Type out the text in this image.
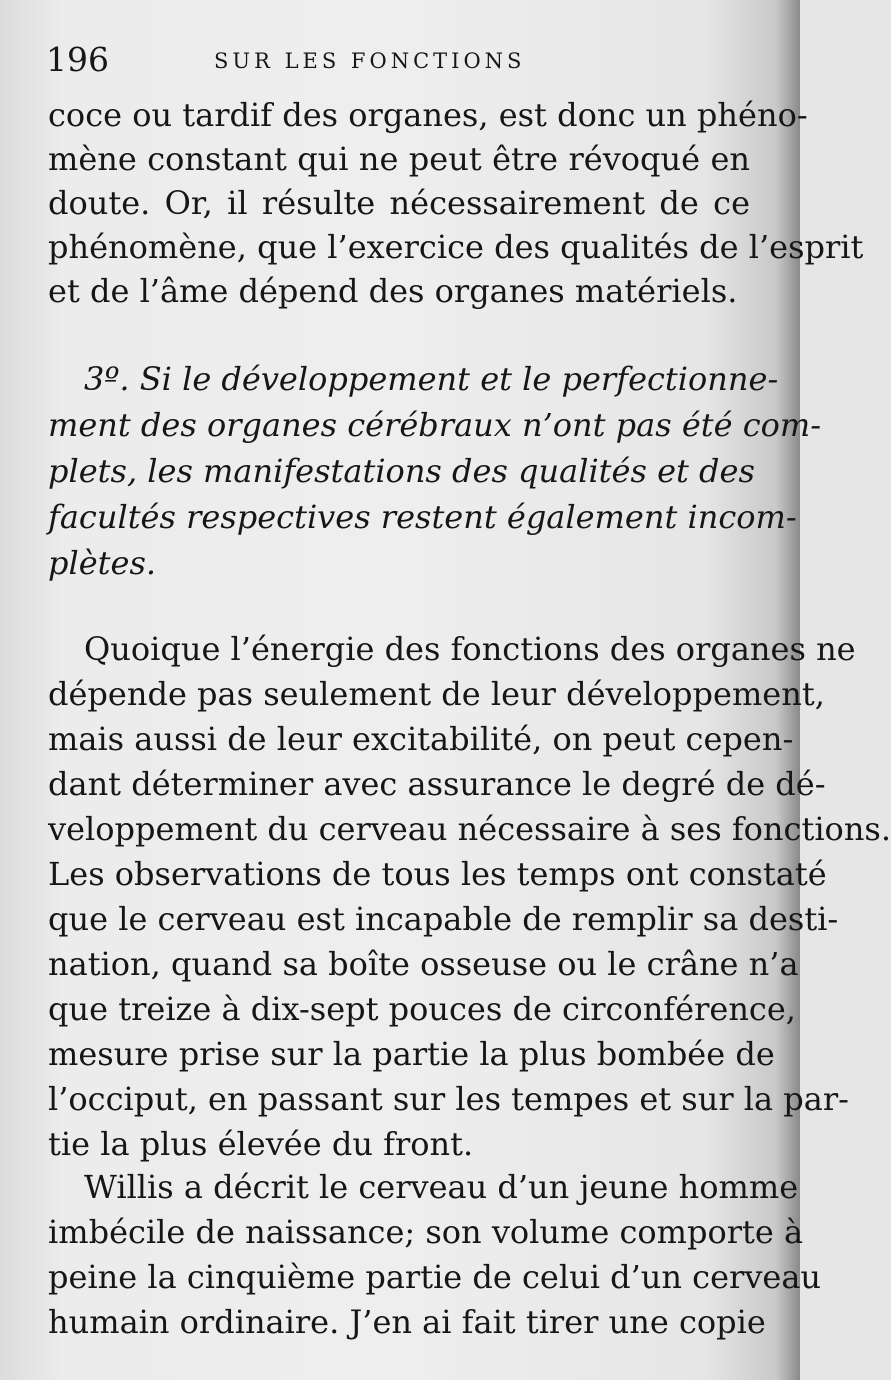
196	SUR LES FONCTIONS
coce ou tardif des organes, est donc un phéno-
mène constant qui ne peut être révoqué en
doute. Or, il résulte nécessairement de ce
phénomène, que l’exercice des qualités de l’esprit
et de l’âme dépend des organes matériels.
3º. Si le développement et le perfectionne-
ment des organes cérébraux n’ont pas été com-
plets, les manifestations des qualités et des
facultés respectives restent également incom-
plètes.
Quoique l’énergie des fonctions des organes ne
dépende pas seulement de leur développement,
mais aussi de leur excitabilité, on peut cepen-
dant déterminer avec assurance le degré de dé-
veloppement du cerveau nécessaire à ses fonctions.
Les observations de tous les temps ont constaté
que le cerveau est incapable de remplir sa desti-
nation, quand sa boîte osseuse ou le crâne n’a
que treize à dix-sept pouces de circonférence,
mesure prise sur la partie la plus bombée de
l’occiput, en passant sur les tempes et sur la par-
tie la plus élevée du front.
Willis a décrit le cerveau d’un jeune homme
imbécile de naissance; son volume comporte à
peine la cinquième partie de celui d’un cerveau
humain ordinaire. J’en ai fait tirer une copie
